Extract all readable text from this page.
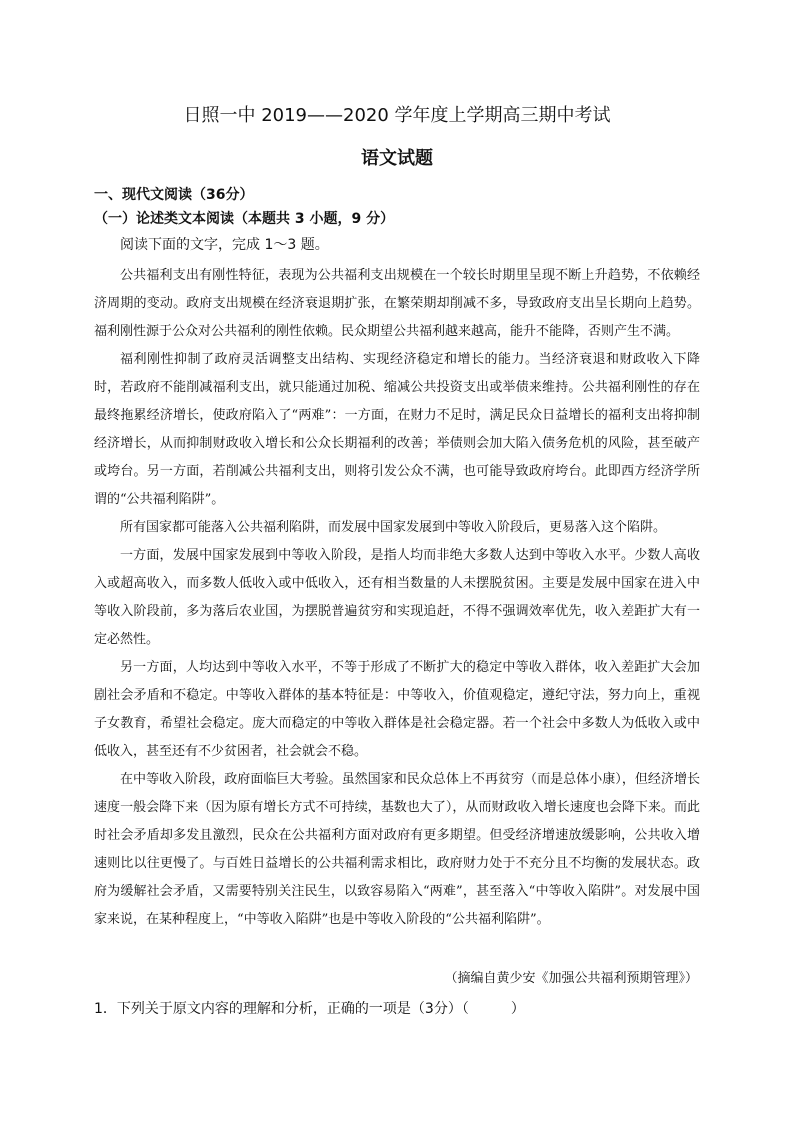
日照一中 2019——2020 学年度上学期高三期中考试
语文试题
一、现代文阅读（36分）
（一）论述类文本阅读（本题共 3 小题，9 分）
阅读下面的文字，完成 1～3 题。

公共福利支出有刚性特征，表现为公共福利支出规模在一个较长时期里呈现不断上升趋势，不依赖经济周期的变动。政府支出规模在经济衰退期扩张，在繁荣期却削减不多，导致政府支出呈长期向上趋势。福利刚性源于公众对公共福利的刚性依赖。民众期望公共福利越来越高，能升不能降，否则产生不满。

福利刚性抑制了政府灵活调整支出结构、实现经济稳定和增长的能力。当经济衰退和财政收入下降时，若政府不能削减福利支出，就只能通过加税、缩减公共投资支出或举债来维持。公共福利刚性的存在最终拖累经济增长，使政府陷入了“两难”：一方面，在财力不足时，满足民众日益增长的福利支出将抑制经济增长，从而抑制财政收入增长和公众长期福利的改善；举债则会加大陷入债务危机的风险，甚至破产或垮台。另一方面，若削减公共福利支出，则将引发公众不满，也可能导致政府垮台。此即西方经济学所谓的“公共福利陷阱”。

所有国家都可能落入公共福利陷阱，而发展中国家发展到中等收入阶段后，更易落入这个陷阱。

一方面，发展中国家发展到中等收入阶段，是指人均而非绝大多数人达到中等收入水平。少数人高收入或超高收入，而多数人低收入或中低收入，还有相当数量的人未摆脱贫困。主要是发展中国家在进入中等收入阶段前，多为落后农业国，为摆脱普遍贫穷和实现追赶，不得不强调效率优先，收入差距扩大有一定必然性。

另一方面，人均达到中等收入水平，不等于形成了不断扩大的稳定中等收入群体，收入差距扩大会加剧社会矛盾和不稳定。中等收入群体的基本特征是：中等收入，价值观稳定，遵纪守法，努力向上，重视子女教育，希望社会稳定。庞大而稳定的中等收入群体是社会稳定器。若一个社会中多数人为低收入或中低收入，甚至还有不少贫困者，社会就会不稳。

在中等收入阶段，政府面临巨大考验。虽然国家和民众总体上不再贫穷（而是总体小康），但经济增长速度一般会降下来（因为原有增长方式不可持续，基数也大了），从而财政收入增长速度也会降下来。而此时社会矛盾却多发且激烈，民众在公共福利方面对政府有更多期望。但受经济增速放缓影响，公共收入增速则比以往更慢了。与百姓日益增长的公共福利需求相比，政府财力处于不充分且不均衡的发展状态。政府为缓解社会矛盾，又需要特别关注民生，以致容易陷入“两难”，甚至落入“中等收入陷阱”。对发展中国家来说，在某种程度上，“中等收入陷阱”也是中等收入阶段的“公共福利陷阱”。

（摘编自黄少安《加强公共福利预期管理》）
1．下列关于原文内容的理解和分析，正确的一项是（3分）（　　　）
